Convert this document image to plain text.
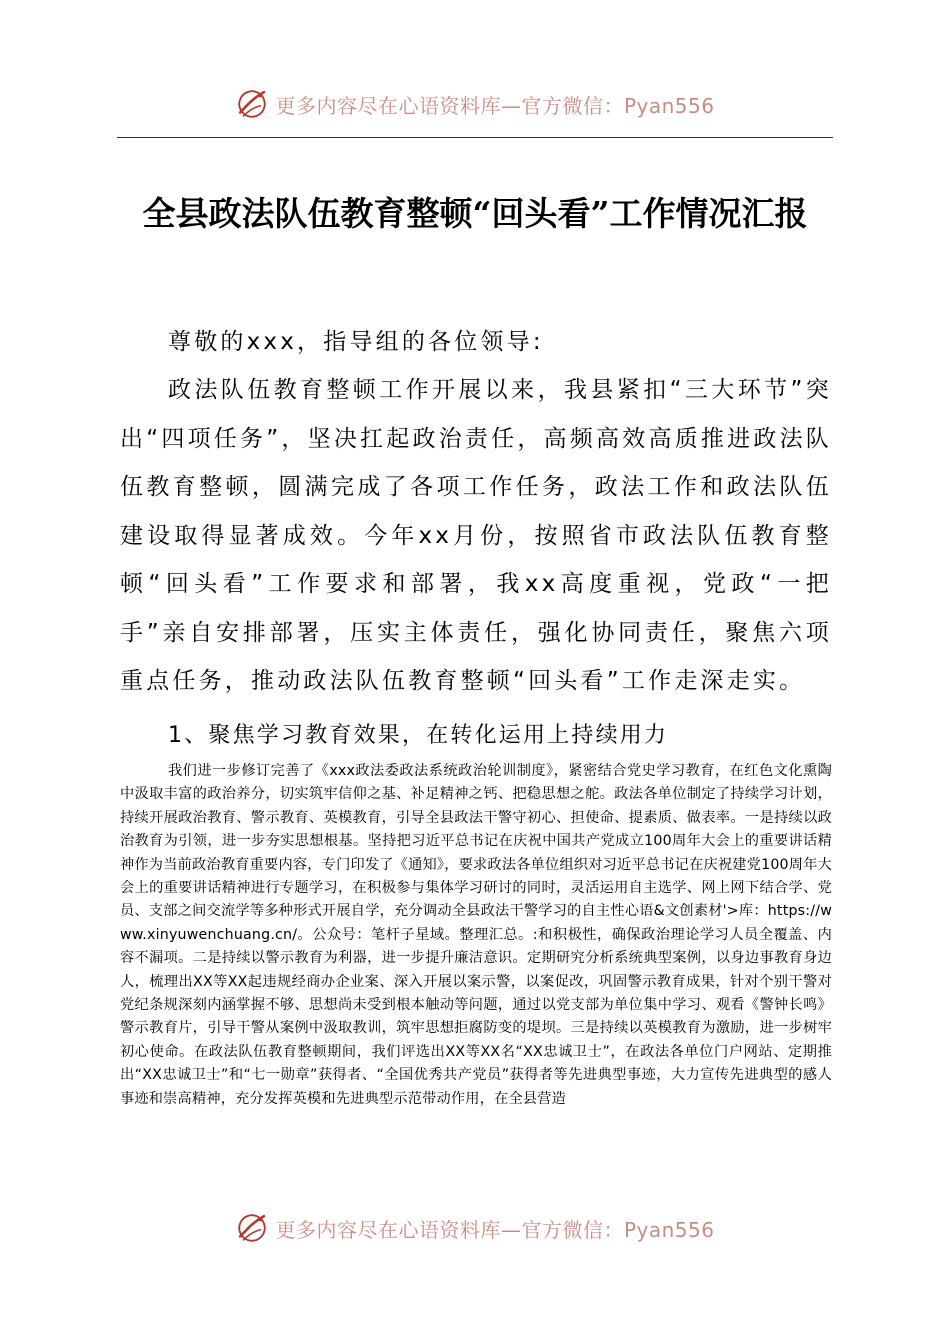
更多内容尽在心语资料库—官方微信：Pyan556
全县政法队伍教育整顿“回头看”工作情况汇报

尊敬的xxx，指导组的各位领导:

政法队伍教育整顿工作开展以来，我县紧扣“三大环节”突出“四项任务”，坚决扛起政治责任，高频高效高质推进政法队伍教育整顿，圆满完成了各项工作任务，政法工作和政法队伍建设取得显著成效。今年xx月份，按照省市政法队伍教育整顿“回头看”工作要求和部署，我xx高度重视，党政“一把手”亲自安排部署，压实主体责任，强化协同责任，聚焦六项重点任务，推动政法队伍教育整顿“回头看”工作走深走实。

1、聚焦学习教育效果，在转化运用上持续用力

我们进一步修订完善了《xxx政法委政法系统政治轮训制度》，紧密结合党史学习教育，在红色文化熏陶中汲取丰富的政治养分，切实筑牢信仰之基、补足精神之钙、把稳思想之舵。政法各单位制定了持续学习计划，持续开展政治教育、警示教育、英模教育，引导全县政法干警守初心、担使命、提素质、做表率。一是持续以政治教育为引领，进一步夯实思想根基。坚持把习近平总书记在庆祝中国共产党成立100周年大会上的重要讲话精神作为当前政治教育重要内容，专门印发了《通知》，要求政法各单位组织对习近平总书记在庆祝建党100周年大会上的重要讲话精神进行专题学习，在积极参与集体学习研讨的同时，灵活运用自主选学、网上网下结合学、党员、支部之间交流学等多种形式开展自学，充分调动全县政法干警学习的自主性心语&文创素材'>库：https://www.xinyuwenchuang.cn/。公众号：笔杆子星域。整理汇总。:和积极性，确保政治理论学习人员全覆盖、内容不漏项。二是持续以警示教育为利器，进一步提升廉洁意识。定期研究分析系统典型案例，以身边事教育身边人，梳理出XX等XX起违规经商办企业案、深入开展以案示警，以案促改，巩固警示教育成果，针对个别干警对党纪条规深刻内涵掌握不够、思想尚未受到根本触动等问题，通过以党支部为单位集中学习、观看《警钟长鸣》警示教育片，引导干警从案例中汲取教训，筑牢思想拒腐防变的堤坝。三是持续以英模教育为激励，进一步树牢初心使命。在政法队伍教育整顿期间，我们评选出XX等XX名“XX忠诚卫士”，在政法各单位门户网站、定期推出“XX忠诚卫士”和“七一勋章”获得者、“全国优秀共产党员”获得者等先进典型事迹，大力宣传先进典型的感人事迹和崇高精神，充分发挥英模和先进典型示范带动作用，在全县营造

更多内容尽在心语资料库—官方微信：Pyan556
